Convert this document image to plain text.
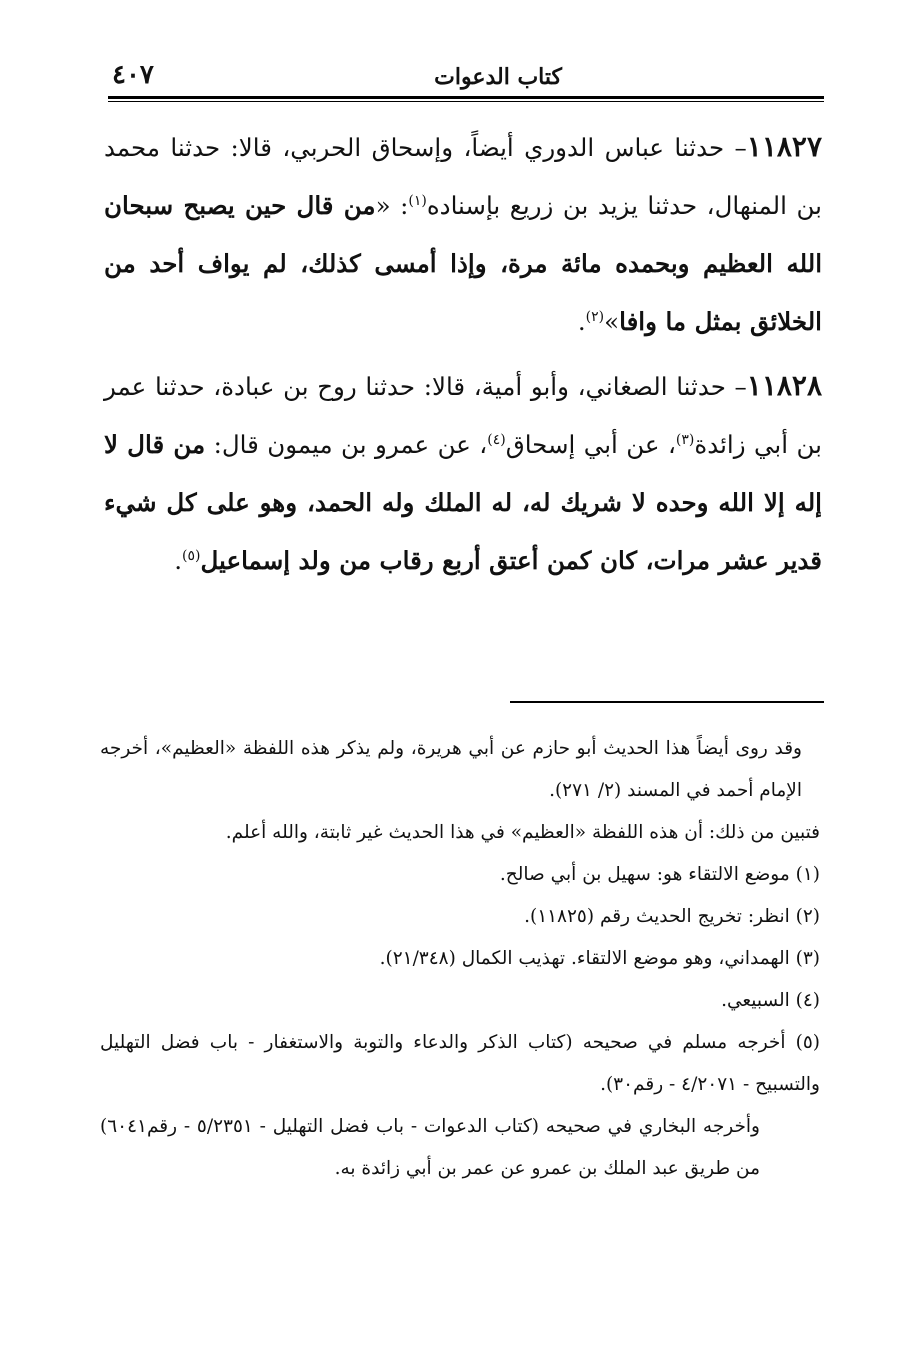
كتاب الدعوات
٤٠٧

١١٨٢٧– حدثنا عباس الدوري أيضاً، وإسحاق الحربي، قالا: حدثنا محمد بن المنهال، حدثنا يزيد بن زريع بإسناده$^{(١)}$: «من قال حين يصبح سبحان الله العظيم وبحمده مائة مرة، وإذا أمسى كذلك، لم يواف أحد من الخلائق بمثل ما وافا»$^{(٢)}$.

١١٨٢٨– حدثنا الصغاني، وأبو أمية، قالا: حدثنا روح بن عبادة، حدثنا عمر بن أبي زائدة$^{(٣)}$، عن أبي إسحاق$^{(٤)}$، عن عمرو بن ميمون قال: من قال لا إله إلا الله وحده لا شريك له، له الملك وله الحمد، وهو على كل شيء قدير عشر مرات، كان كمن أعتق أربع رقاب من ولد إسماعيل$^{(٥)}$.

وقد روى أيضاً هذا الحديث أبو حازم عن أبي هريرة، ولم يذكر هذه اللفظة «العظيم»، أخرجه الإمام أحمد في المسند (٢/ ٢٧١).

فتبين من ذلك: أن هذه اللفظة «العظيم» في هذا الحديث غير ثابتة، والله أعلم.

(١) موضع الالتقاء هو: سهيل بن أبي صالح.

(٢) انظر: تخريج الحديث رقم (١١٨٢٥).

(٣) الهمداني، وهو موضع الالتقاء. تهذيب الكمال (٢١/٣٤٨).

(٤) السبيعي.

(٥) أخرجه مسلم في صحيحه (كتاب الذكر والدعاء والتوبة والاستغفار - باب فضل التهليل والتسبيح - ٤/٢٠٧١ - رقم٣٠).

وأخرجه البخاري في صحيحه (كتاب الدعوات - باب فضل التهليل - ٥/٢٣٥١ - رقم٦٠٤١) من طريق عبد الملك بن عمرو عن عمر بن أبي زائدة به.
